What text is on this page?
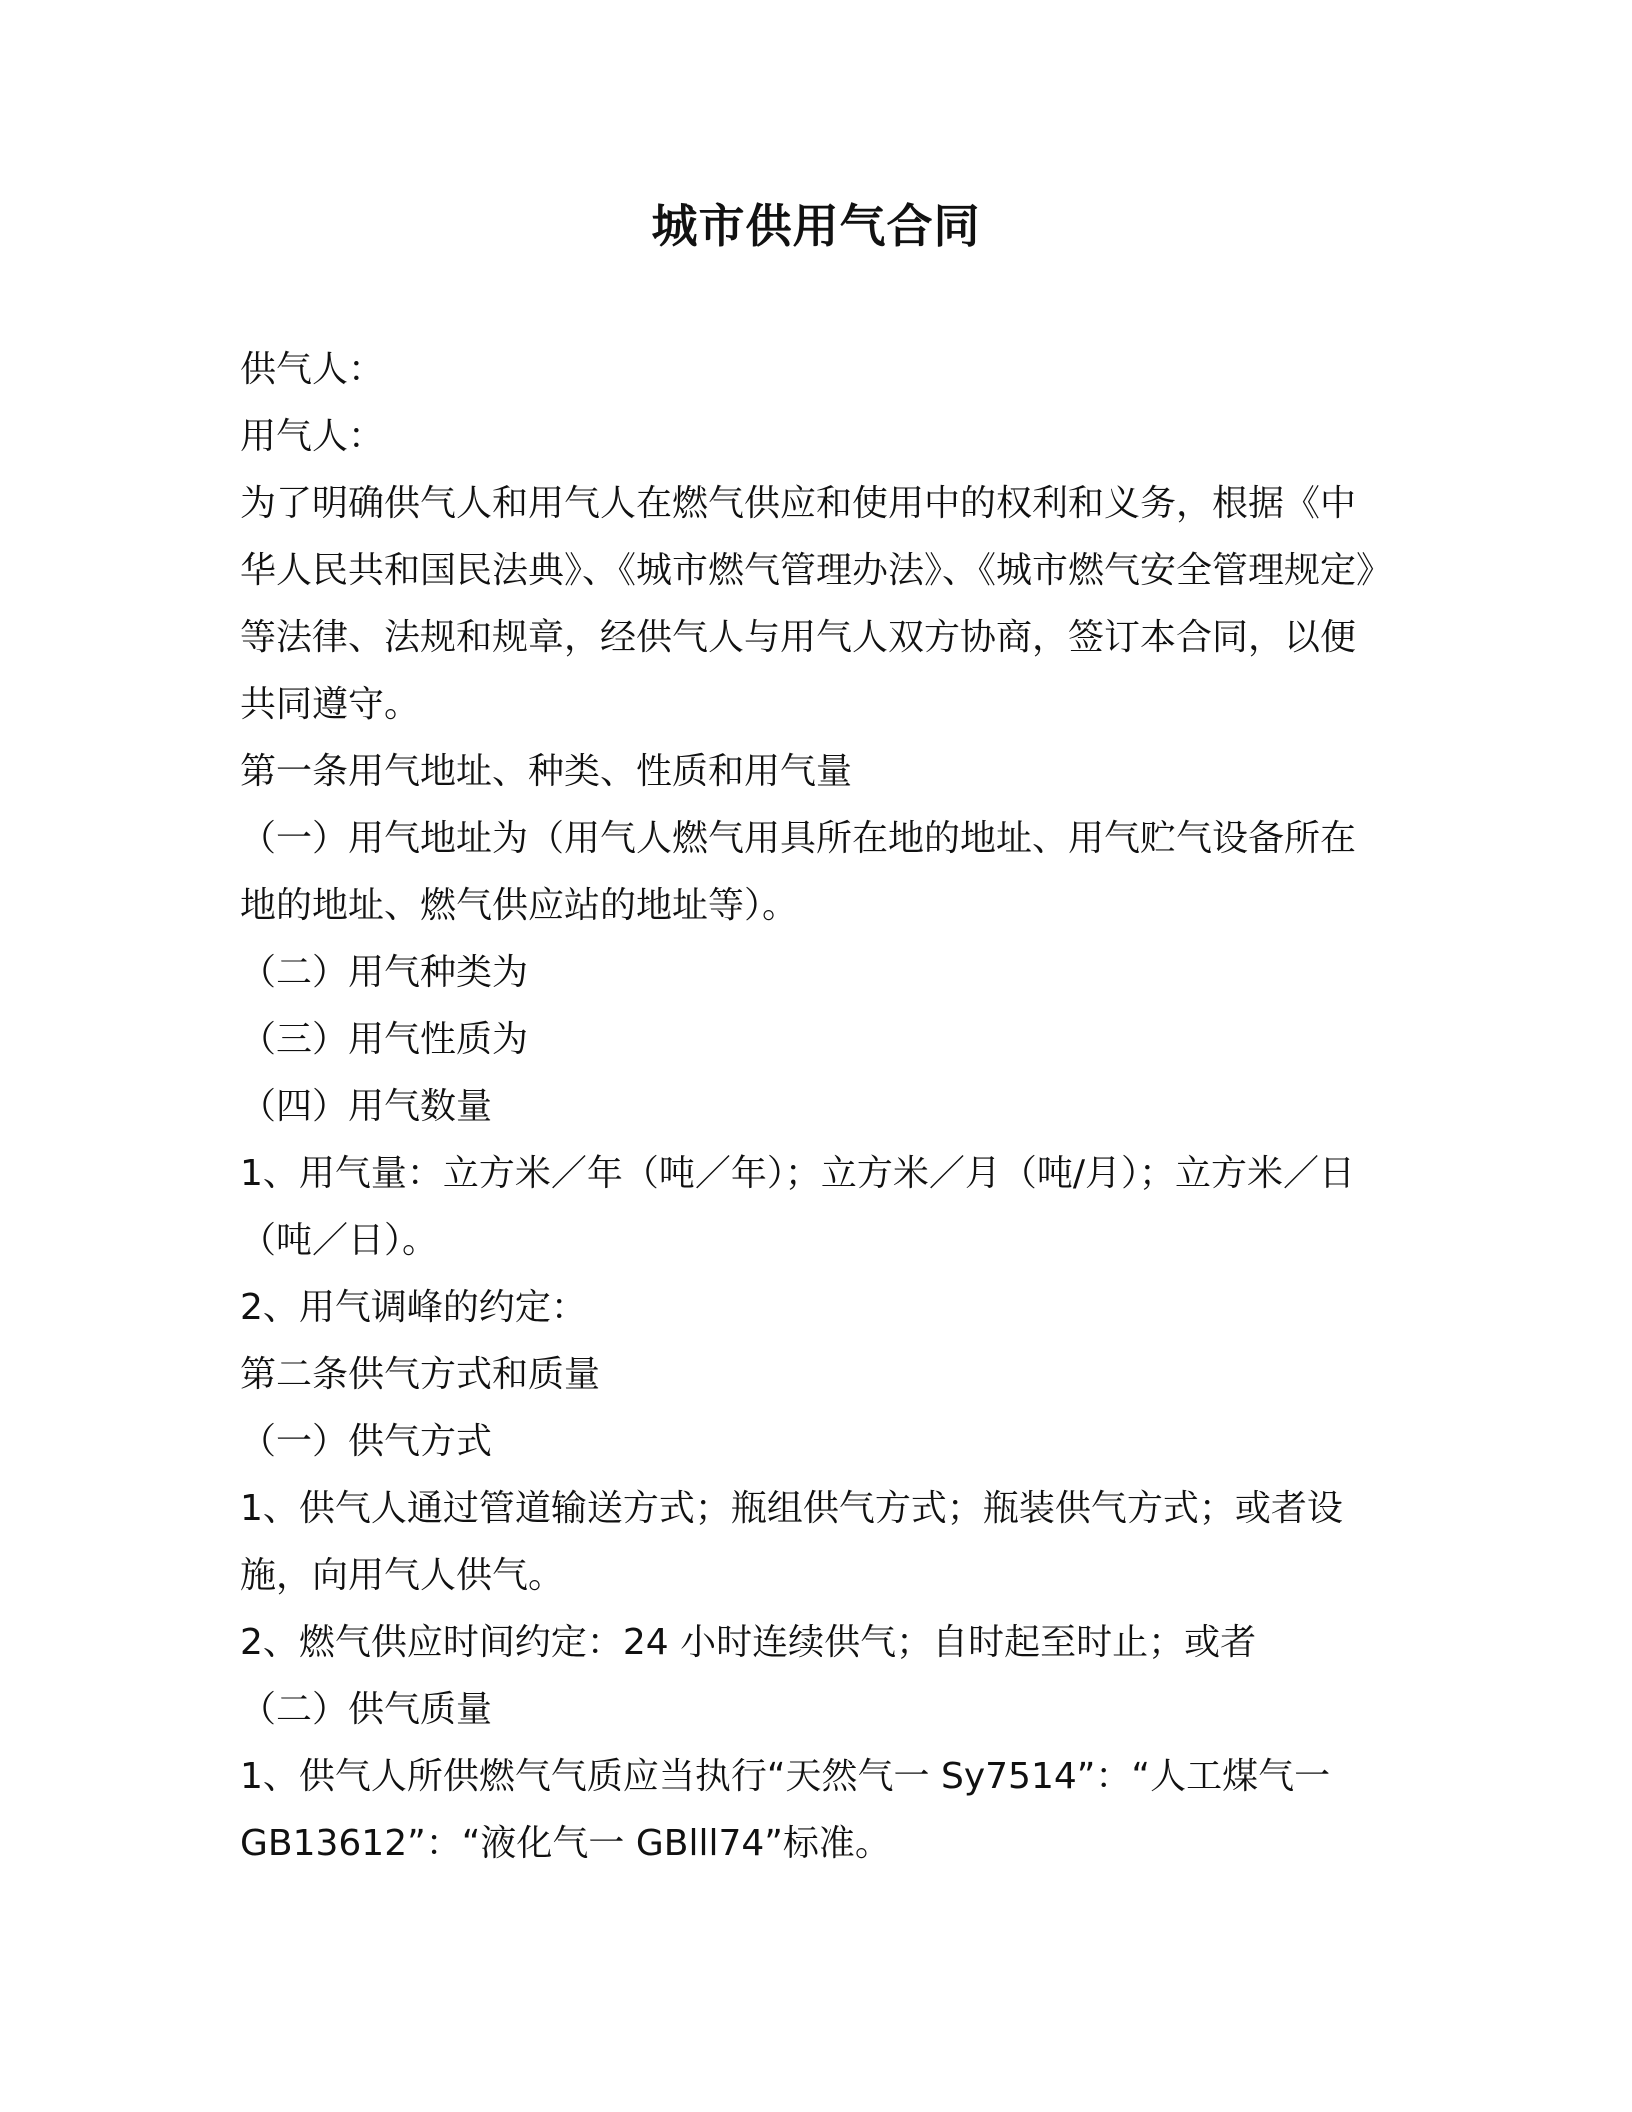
城市供用气合同
供气人：
用气人：
为了明确供气人和用气人在燃气供应和使用中的权利和义务，根据《中
华人民共和国民法典》、《城市燃气管理办法》、《城市燃气安全管理规定》
等法律、法规和规章，经供气人与用气人双方协商，签订本合同，以便
共同遵守。
第一条用气地址、种类、性质和用气量
（一）用气地址为（用气人燃气用具所在地的地址、用气贮气设备所在
地的地址、燃气供应站的地址等）。
（二）用气种类为
（三）用气性质为
（四）用气数量
1、用气量：立方米／年（吨／年）；立方米／月（吨/月）；立方米／日
（吨／日）。
2、用气调峰的约定：
第二条供气方式和质量
（一）供气方式
1、供气人通过管道输送方式；瓶组供气方式；瓶装供气方式；或者设
施，向用气人供气。
2、燃气供应时间约定：24 小时连续供气；自时起至时止；或者
（二）供气质量
1、供气人所供燃气气质应当执行“天然气一 Sy7514”：“人工煤气一
GB13612”：“液化气一 GBlll74”标准。
